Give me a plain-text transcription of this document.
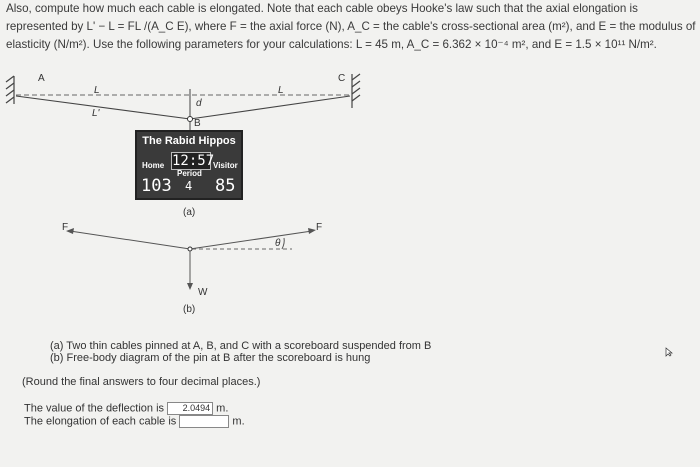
Also, compute how much each cable is elongated. Note that each cable obeys Hooke's law such that the axial elongation is

represented by L' − L = FL /(A_C E), where F = the axial force (N), A_C = the cable's cross-sectional area (m²), and E = the modulus of

elasticity (N/m²). Use the following parameters for your calculations: L = 45 m, A_C = 6.362 × 10⁻⁴ m², and E = 1.5 × 10¹¹ N/m².

A	C
L	L
L'
d
B
(a)
F	F
θ
W
(b)
The Rabid Hippos
12:57
Home	Visitor
Period
103 4 85

(a) Two thin cables pinned at A, B, and C with a scoreboard suspended from B

(b) Free-body diagram of the pin at B after the scoreboard is hung

(Round the final answers to four decimal places.)
The value of the deflection is 2.0494 m.
The elongation of each cable is	m.
